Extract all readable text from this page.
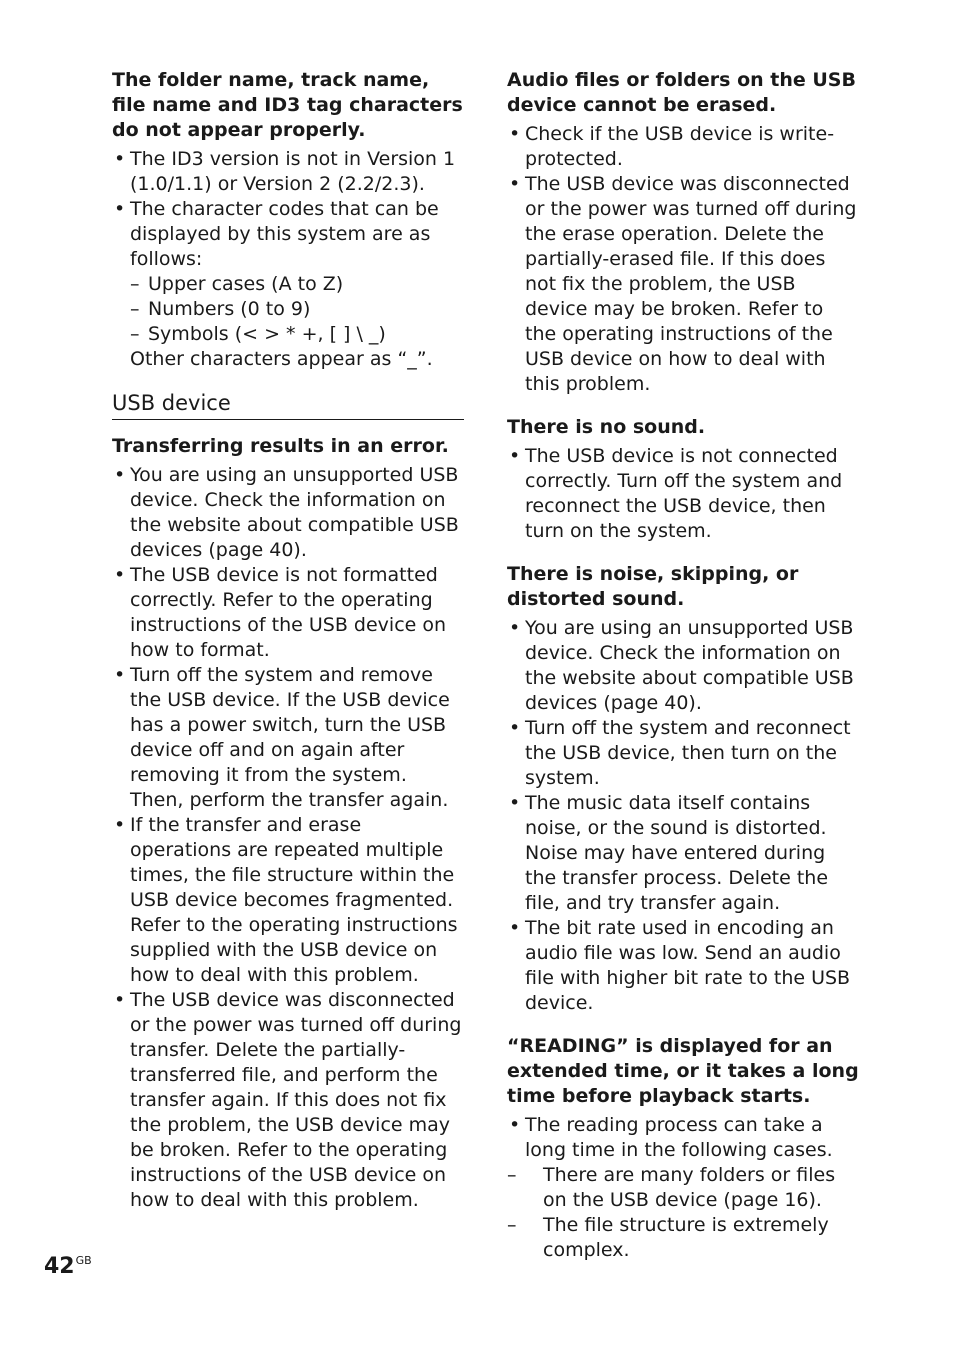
The folder name, track name, file name and ID3 tag characters do not appear properly.

• The ID3 version is not in Version 1 (1.0/1.1) or Version 2 (2.2/2.3).
• The character codes that can be displayed by this system are as follows:
– Upper cases (A to Z)
– Numbers (0 to 9)
– Symbols (< > * +, [ ] \ _)
Other characters appear as “_”.
USB device

Transferring results in an error.

• You are using an unsupported USB device. Check the information on the website about compatible USB devices (page 40).
• The USB device is not formatted correctly. Refer to the operating instructions of the USB device on how to format.
• Turn off the system and remove the USB device. If the USB device has a power switch, turn the USB device off and on again after removing it from the system. Then, perform the transfer again.
• If the transfer and erase operations are repeated multiple times, the file structure within the USB device becomes fragmented. Refer to the operating instructions supplied with the USB device on how to deal with this problem.
• The USB device was disconnected or the power was turned off during transfer. Delete the partially-transferred file, and perform the transfer again. If this does not fix the problem, the USB device may be broken. Refer to the operating instructions of the USB device on how to deal with this problem.

Audio files or folders on the USB device cannot be erased.

• Check if the USB device is write-protected.
• The USB device was disconnected or the power was turned off during the erase operation. Delete the partially-erased file. If this does not fix the problem, the USB device may be broken. Refer to the operating instructions of the USB device on how to deal with this problem.

There is no sound.

• The USB device is not connected correctly. Turn off the system and reconnect the USB device, then turn on the system.

There is noise, skipping, or distorted sound.

• You are using an unsupported USB device. Check the information on the website about compatible USB devices (page 40).
• Turn off the system and reconnect the USB device, then turn on the system.
• The music data itself contains noise, or the sound is distorted. Noise may have entered during the transfer process. Delete the file, and try transfer again.
• The bit rate used in encoding an audio file was low. Send an audio file with higher bit rate to the USB device.

“READING” is displayed for an extended time, or it takes a long time before playback starts.

• The reading process can take a long time in the following cases.
– There are many folders or files on the USB device (page 16).
– The file structure is extremely complex.
$42^{GB}$
